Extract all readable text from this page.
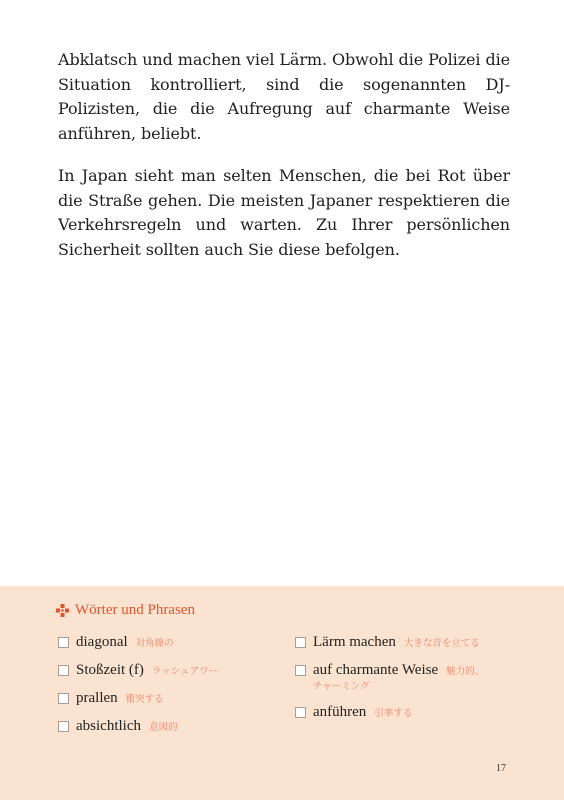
Abklatsch und machen viel Lärm. Obwohl die Polizei die Situation kontrolliert, sind die sogenannten DJ-Polizisten, die die Aufregung auf charmante Weise anführen, beliebt.

In Japan sieht man selten Menschen, die bei Rot über die Straße gehen. Die meisten Japaner respektieren die Verkehrsregeln und warten. Zu Ihrer persönlichen Sicherheit sollten auch Sie diese befolgen.

Wörter und Phrasen
diagonal 対角線の
Stoßzeit (f) ラッシュアワー
prallen 衝突する
absichtlich 意図的
Lärm machen 大きな音を立てる
auf charmante Weise 魅力的、
チャーミング
anführen 引率する
17
